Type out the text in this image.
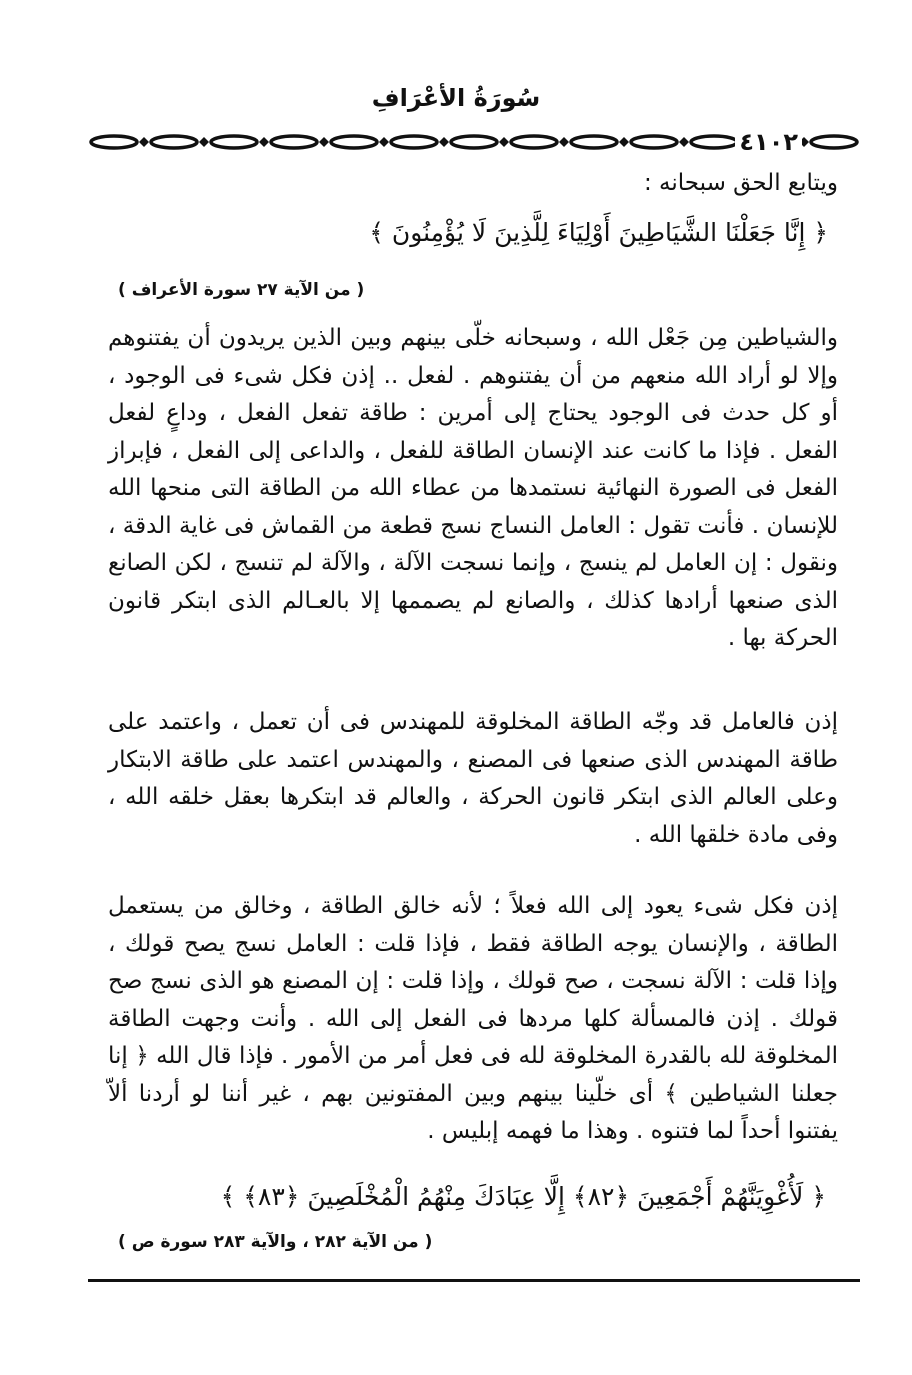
سُورَةُ الأعْرَافِ
٤١٠٢
ويتابع الحق سبحانه :
﴿ إِنَّا جَعَلْنَا الشَّيَاطِينَ أَوْلِيَاءَ لِلَّذِينَ لَا يُؤْمِنُونَ ﴾
( من الآية ٢٧ سورة الأعراف )
والشياطين مِن جَعْل الله ، وسبحانه خلّى بينهم وبين الذين يريدون أن يفتنوهم وإلا لو أراد الله منعهم من أن يفتنوهم . لفعل .. إذن فكل شىء فى الوجود ، أو كل حدث فى الوجود يحتاج إلى أمرين : طاقة تفعل الفعل ، وداعٍ لفعل الفعل . فإذا ما كانت عند الإنسان الطاقة للفعل ، والداعى إلى الفعل ، فإبراز الفعل فى الصورة النهائية نستمدها من عطاء الله من الطاقة التى منحها الله للإنسان . فأنت تقول : العامل النساج نسج قطعة من القماش فى غاية الدقة ، ونقول : إن العامل لم ينسج ، وإنما نسجت الآلة ، والآلة لم تنسج ، لكن الصانع الذى صنعها أرادها كذلك ، والصانع لم يصممها إلا بالعـالم الذى ابتكر قانون الحركة بها .
إذن فالعامل قد وجّه الطاقة المخلوقة للمهندس فى أن تعمل ، واعتمد على طاقة المهندس الذى صنعها فى المصنع ، والمهندس اعتمد على طاقة الابتكار وعلى العالم الذى ابتكر قانون الحركة ، والعالم قد ابتكرها بعقل خلقه الله ، وفى مادة خلقها الله .
إذن فكل شىء يعود إلى الله فعلاً ؛ لأنه خالق الطاقة ، وخالق من يستعمل الطاقة ، والإنسان يوجه الطاقة فقط ، فإذا قلت : العامل نسج يصح قولك ، وإذا قلت : الآلة نسجت ، صح قولك ، وإذا قلت : إن المصنع هو الذى نسج صح قولك . إذن فالمسألة كلها مردها فى الفعل إلى الله . وأنت وجهت الطاقة المخلوقة لله بالقدرة المخلوقة لله فى فعل أمر من الأمور . فإذا قال الله ﴿ إنا جعلنا الشياطين ﴾ أى خلّينا بينهم وبين المفتونين بهم ، غير أننا لو أردنا ألاّ يفتنوا أحداً لما فتنوه . وهذا ما فهمه إبليس .
﴿ لَأُغْوِيَنَّهُمْ أَجْمَعِينَ ﴿٨٢﴾ إِلَّا عِبَادَكَ مِنْهُمُ الْمُخْلَصِينَ ﴿٨٣﴾ ﴾
( من الآية ٢٨٢ ، والآية ٢٨٣ سورة ص )
